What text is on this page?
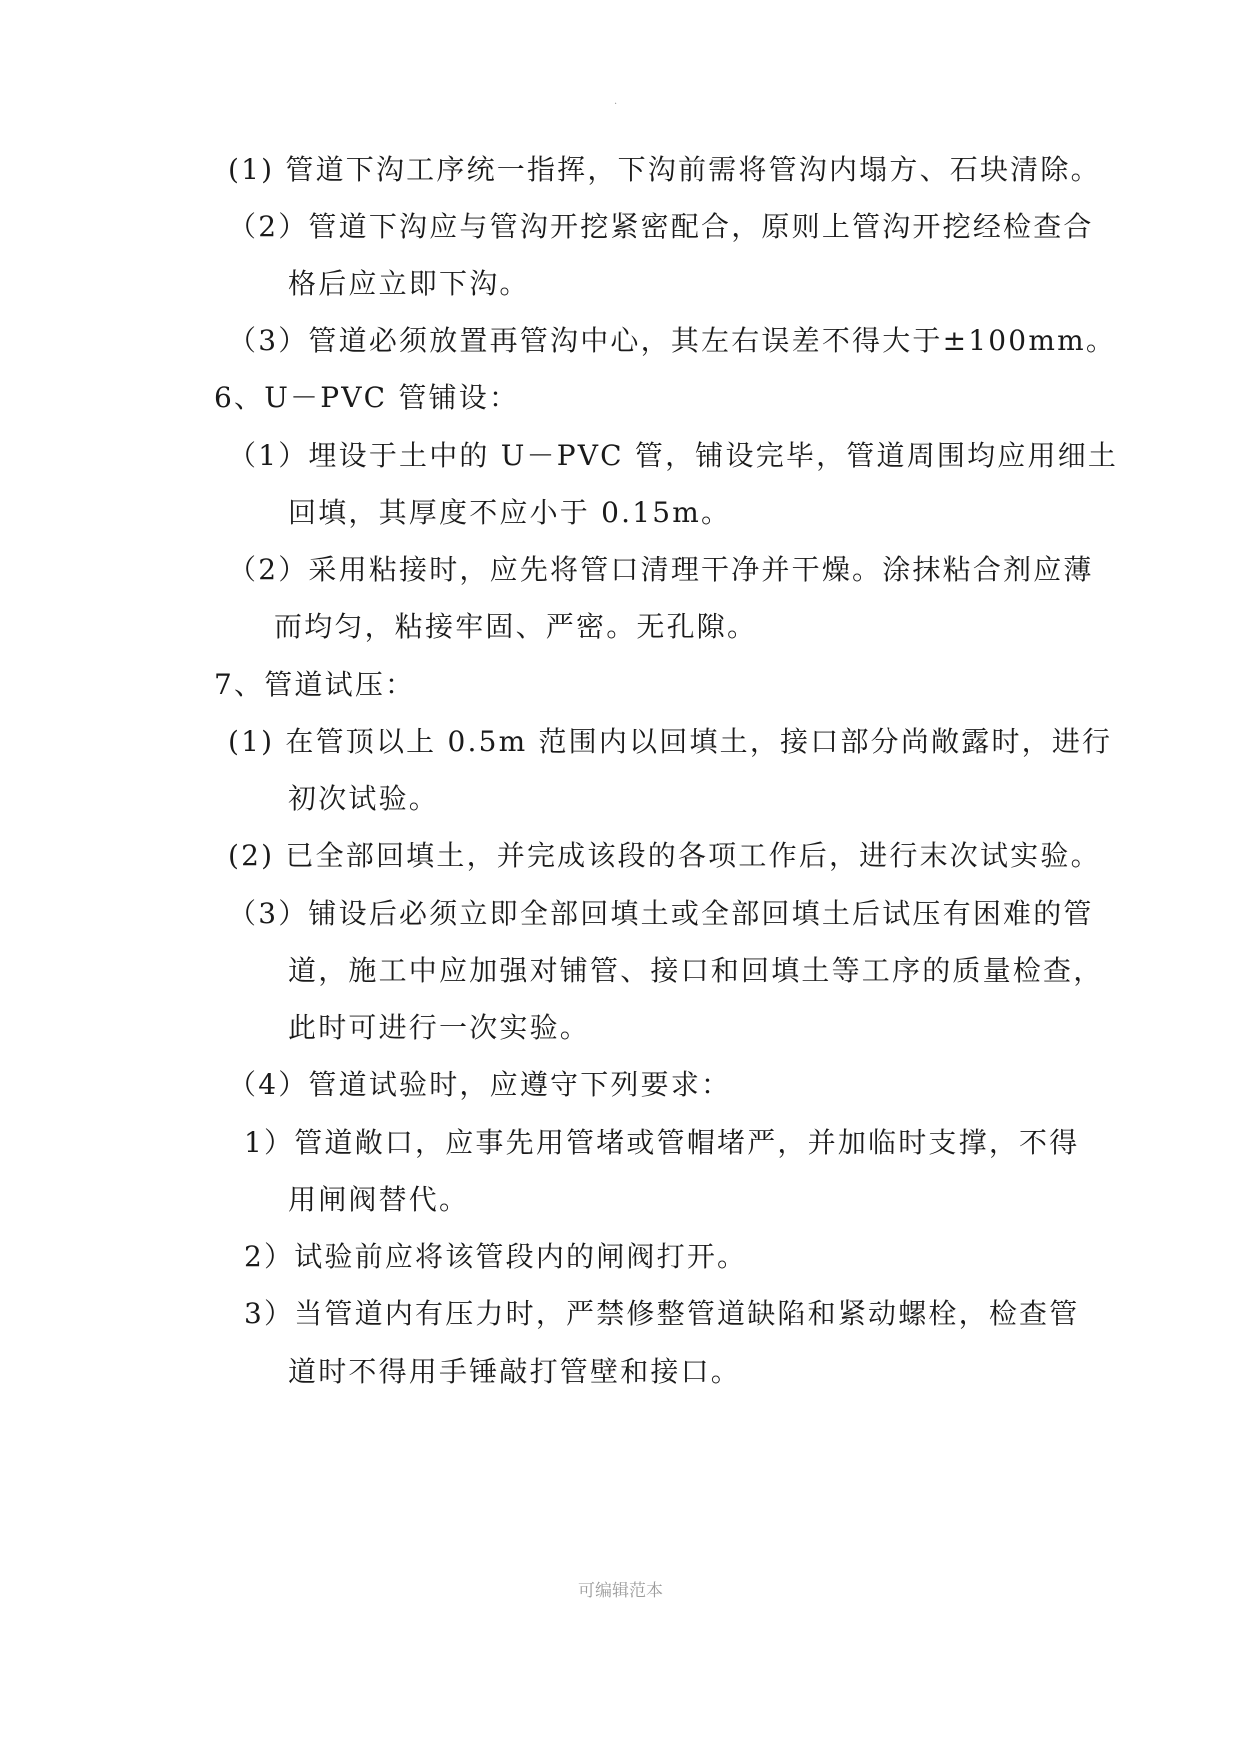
.
(1) 管道下沟工序统一指挥，下沟前需将管沟内塌方、石块清除。
（2）管道下沟应与管沟开挖紧密配合，原则上管沟开挖经检查合
格后应立即下沟。
（3）管道必须放置再管沟中心，其左右误差不得大于±100mm。
6、U－PVC 管铺设：
（1）埋设于土中的 U－PVC 管，铺设完毕，管道周围均应用细土
回填，其厚度不应小于 0.15m。
（2）采用粘接时，应先将管口清理干净并干燥。涂抹粘合剂应薄
而均匀，粘接牢固、严密。无孔隙。
7、管道试压：
(1) 在管顶以上 0.5m 范围内以回填土，接口部分尚敞露时，进行
初次试验。
(2) 已全部回填土，并完成该段的各项工作后，进行末次试实验。
（3）铺设后必须立即全部回填土或全部回填土后试压有困难的管
道，施工中应加强对铺管、接口和回填土等工序的质量检查，
此时可进行一次实验。
（4）管道试验时，应遵守下列要求：
1）管道敞口，应事先用管堵或管帽堵严，并加临时支撑，不得
用闸阀替代。
2）试验前应将该管段内的闸阀打开。
3）当管道内有压力时，严禁修整管道缺陷和紧动螺栓，检查管
道时不得用手锤敲打管壁和接口。
可编辑范本
